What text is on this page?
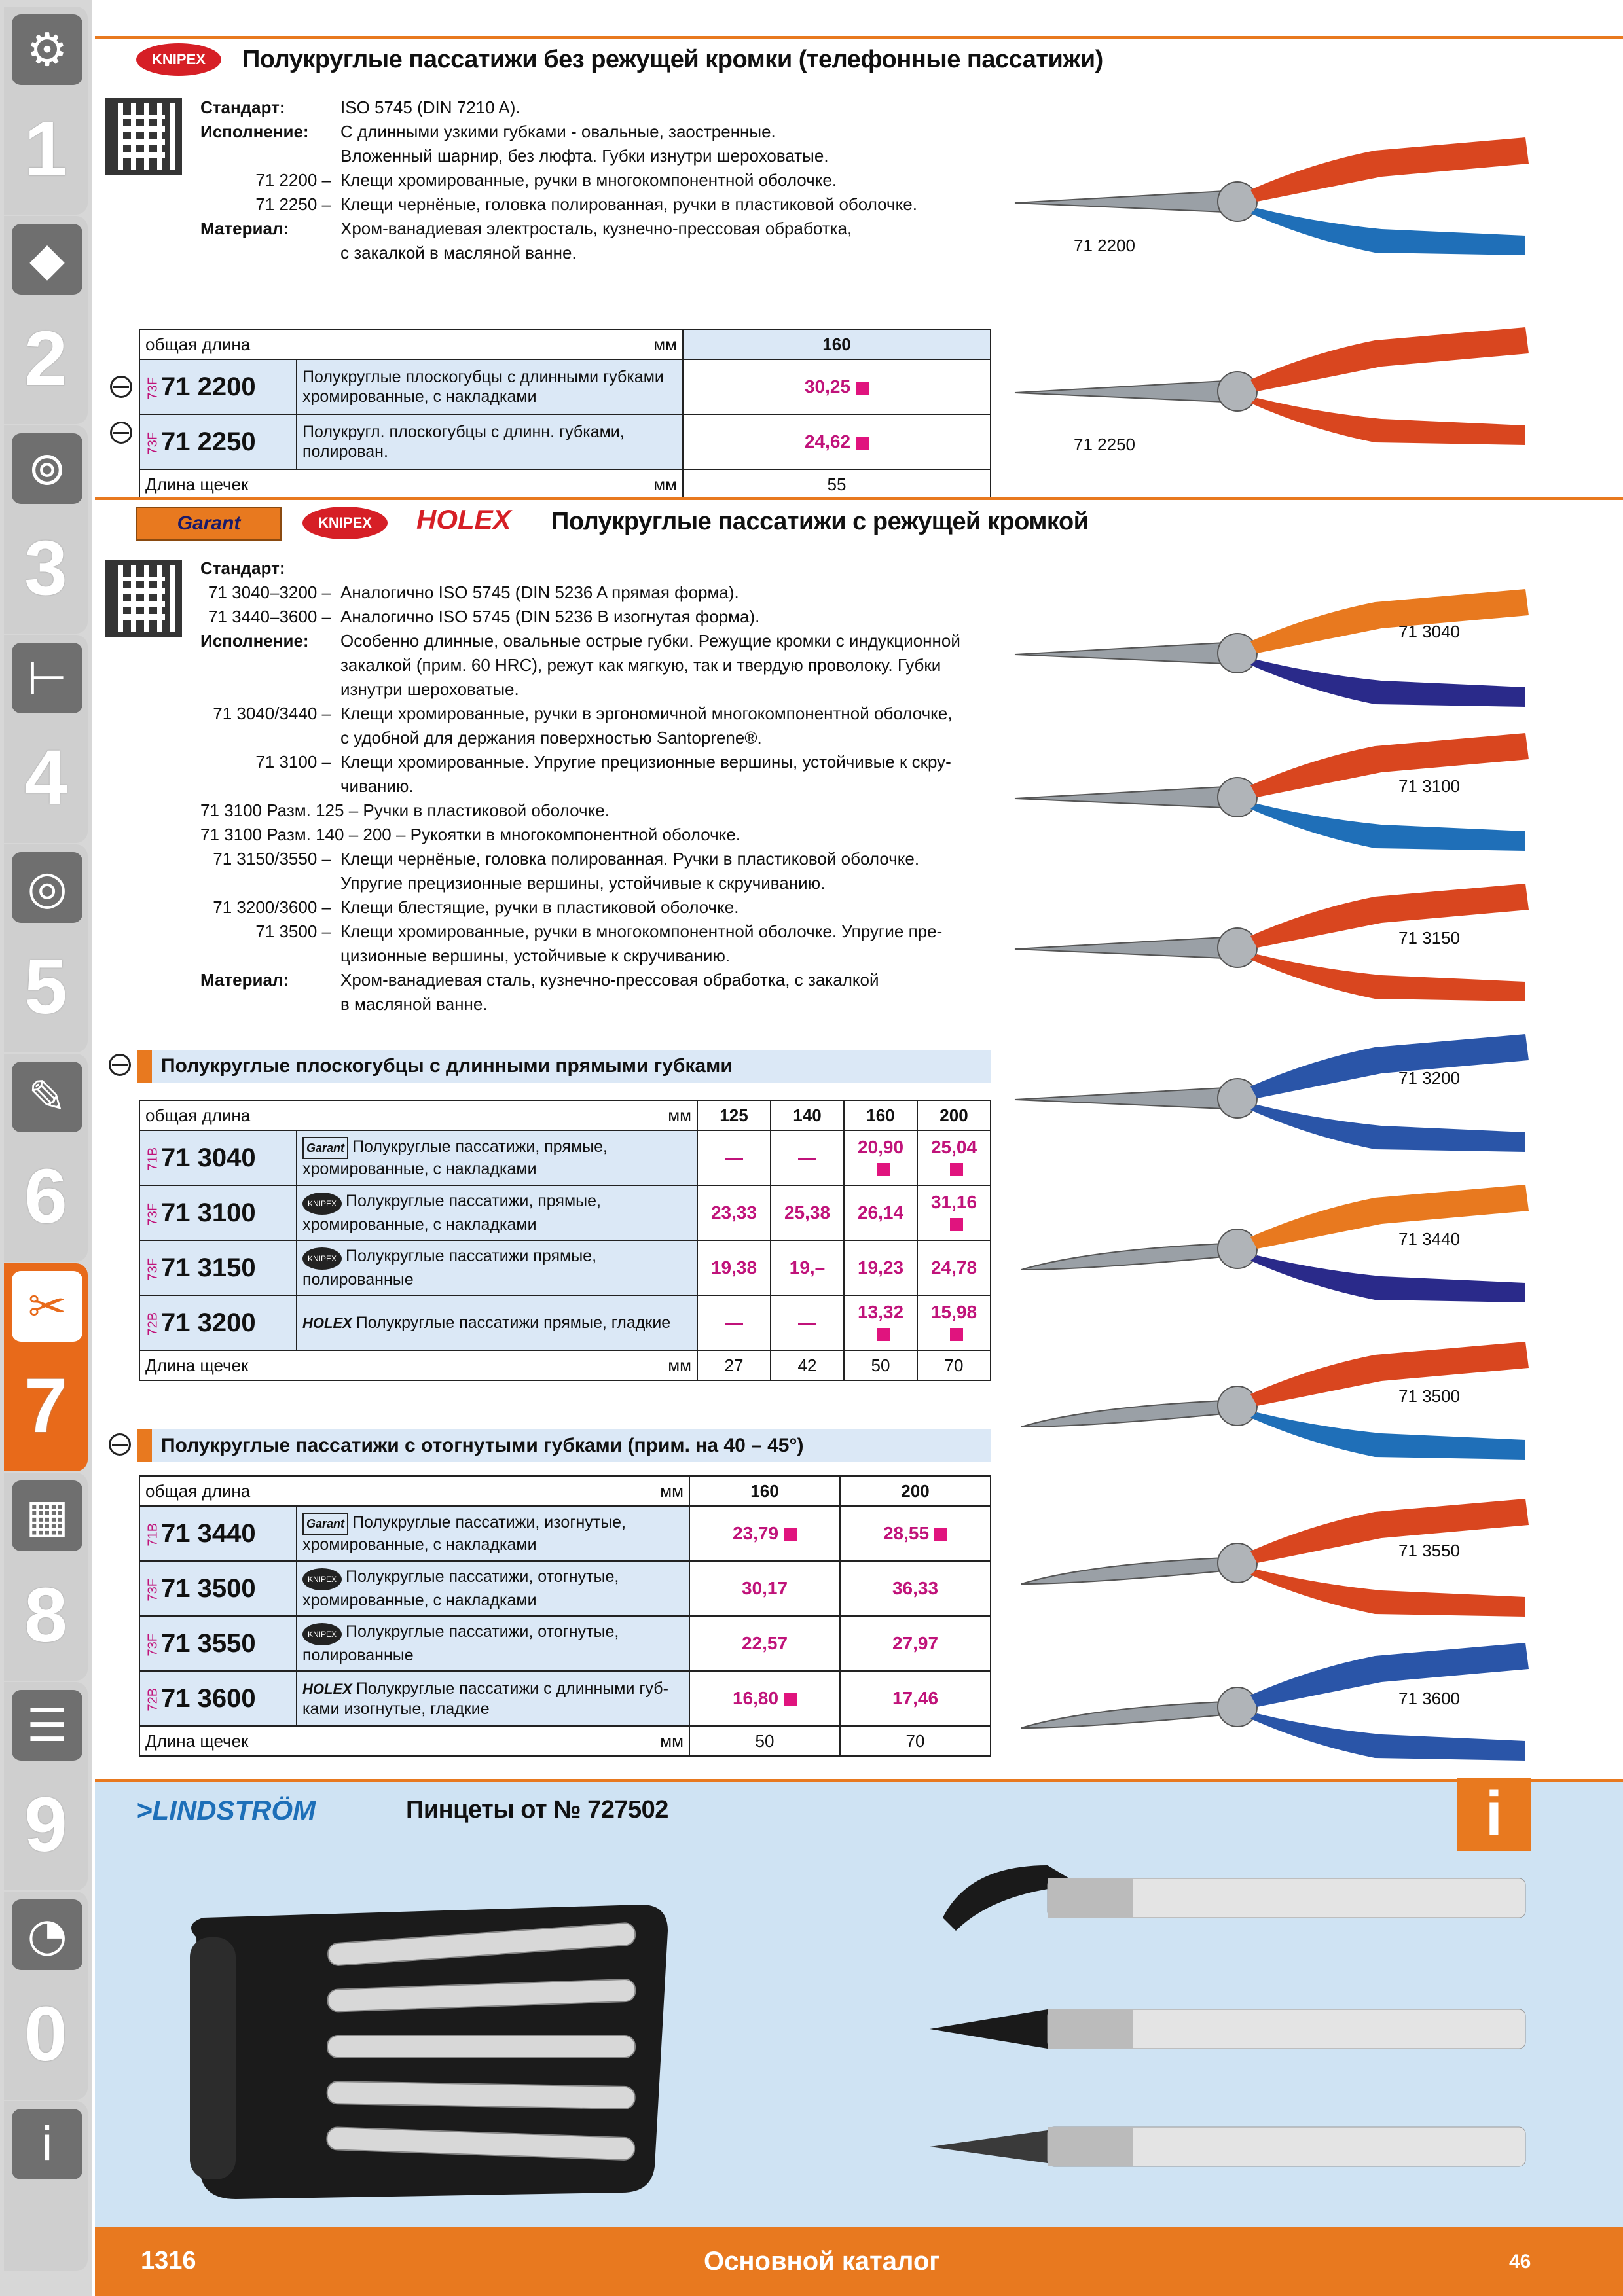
⚙
1
◆
2
⊚
3
⊢
4
◎
5
✎
6
✂
7
▦
8
☰
9
◔
0
i
KNIPEX	Полукруглые пассатижи без режущей кромки (телефонные пассатижи)
Стандарт:	ISO 5745 (DIN 7210 A).
Исполнение:	С длинными узкими губками - овальные, заостренные.
Вложенный шарнир, без люфта. Губки изнутри шероховатые.
71 2200 – Клещи хромированные, ручки в многокомпонентной оболочке.
71 2250 – Клещи чернёные, головка полированная, ручки в пластиковой оболочке.
Материал:	Хром-ванадиевая электросталь, кузнечно-прессовая обработка,
с закалкой в масляной ванне.
общая длина мм		160
73F71 2200	Полукруглые плоскогубцы с длинными губками хромированные, с накладками	30,25
73F71 2250	Полукругл. плоскогубцы с длинн. губками, полирован.	24,62
Длина щечек мм		55
Garant	KNIPEX	HOLEX Полукруглые пассатижи с режущей кромкой
Стандарт:
71 3040–3200 – Аналогично ISO 5745 (DIN 5236 A прямая форма).
71 3440–3600 – Аналогично ISO 5745 (DIN 5236 B изогнутая форма).
Исполнение:	Особенно длинные, овальные острые губки. Режущие кромки с индукционной
закалкой (прим. 60 HRC), режут как мягкую, так и твердую проволоку. Губки
изнутри шероховатые.
71 3040/3440 – Клещи хромированные, ручки в эргономичной многокомпонентной оболочке,
с удобной для держания поверхностью Santoprene®.
71 3100 – Клещи хромированные. Упругие прецизионные вершины, устойчивые к скру-
чиванию.
71 3100 Разм. 125 – Ручки в пластиковой оболочке.
71 3100 Разм. 140 – 200 – Рукоятки в многокомпонентной оболочке.
71 3150/3550 – Клещи чернёные, головка полированная. Ручки в пластиковой оболочке.
Упругие прецизионные вершины, устойчивые к скручиванию.
71 3200/3600 – Клещи блестящие, ручки в пластиковой оболочке.
71 3500 – Клещи хромированные, ручки в многокомпонентной оболочке. Упругие пре-
цизионные вершины, устойчивые к скручиванию.
Материал:	Хром-ванадиевая сталь, кузнечно-прессовая обработка, с закалкой
в масляной ванне.
Полукруглые плоскогубцы с длинными прямыми губками
общая длина мм		125	140	160	200
71B71 3040	Garant Полукруглые пассатижи, прямые, хромированные, с накладками	—	—	20,90	25,04
73F71 3100	KNIPEX Полукруглые пассатижи, прямые, хромированные, с накладками	23,33	25,38	26,14	31,16
73F71 3150	KNIPEX Полукруглые пассатижи прямые, полированные	19,38	19,–	19,23	24,78
72B71 3200	HOLEX Полукруглые пассатижи прямые, гладкие	—	—	13,32	15,98
Длина щечек мм		27	42	50	70
Полукруглые пассатижи с отогнутыми губками (прим. на 40 – 45°)
общая длина мм		160	200
71B71 3440	Garant Полукруглые пассатижи, изогнутые, хромированные, с накладками	23,79	28,55
73F71 3500	KNIPEX Полукруглые пассатижи, отогнутые, хромированные, с накладками	30,17	36,33
73F71 3550	KNIPEX Полукруглые пассатижи, отогнутые, полированные	22,57	27,97
72B71 3600	HOLEX Полукруглые пассатижи с длинными губ- ками изогнутые, гладкие	16,80	17,46
Длина щечек мм		50	70
71 2200
71 2250
71 3040
71 3100
71 3150
71 3200
71 3440
71 3500
71 3550
71 3600
>LINDSTRÖM	Пинцеты от № 727502	i
1316	Основной каталог	46
